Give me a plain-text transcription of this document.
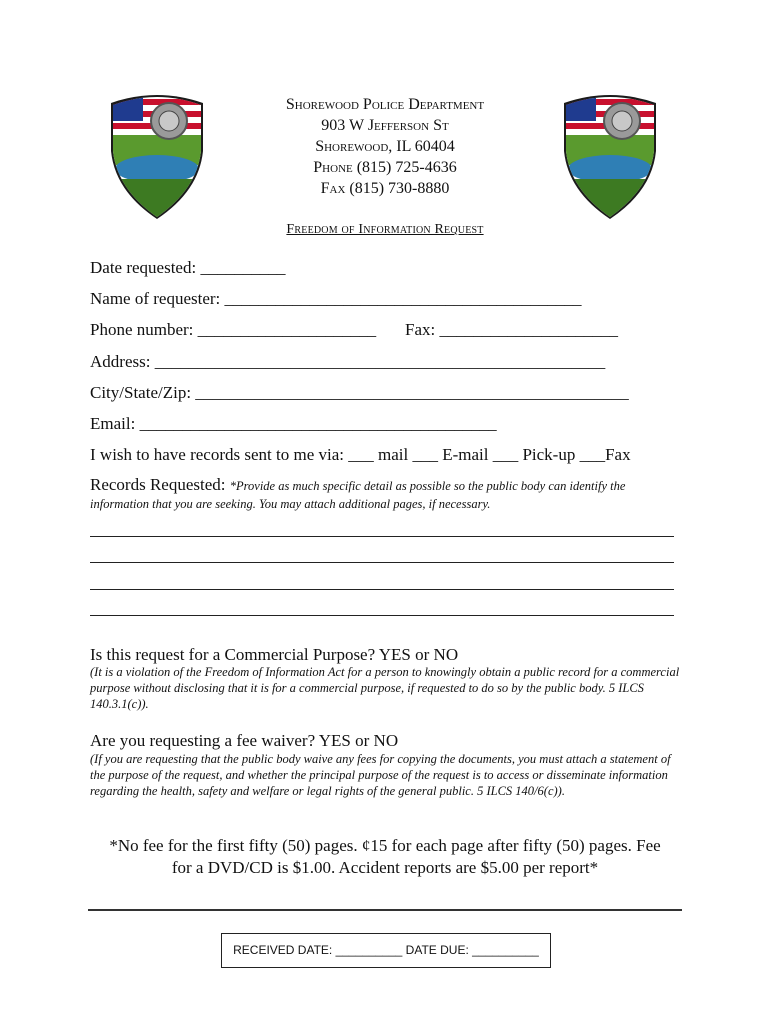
Shorewood Police Department
903 W Jefferson St
Shorewood, IL 60404
Phone (815) 725-4636
Fax (815) 730-8880
Freedom of Information Request
Date requested: __________
Name of requester: __________________________________________
Phone number: _____________________ Fax: _____________________
Address: _____________________________________________________
City/State/Zip: ___________________________________________________
Email: __________________________________________
I wish to have records sent to me via: ___ mail ___ E-mail ___ Pick-up ___Fax
Records Requested: *Provide as much specific detail as possible so the public body can identify the
information that you are seeking. You may attach additional pages, if necessary.
Is this request for a Commercial Purpose? YES or NO
(It is a violation of the Freedom of Information Act for a person to knowingly obtain a public record for a commercial purpose without disclosing that it is for a commercial purpose, if requested to do so by the public body. 5 ILCS 140.3.1(c)).
Are you requesting a fee waiver? YES or NO
(If you are requesting that the public body waive any fees for copying the documents, you must attach a statement of the purpose of the request, and whether the principal purpose of the request is to access or disseminate information regarding the health, safety and welfare or legal rights of the general public. 5 ILCS 140/6(c)).
*No fee for the first fifty (50) pages. ¢15 for each page after fifty (50) pages. Fee
for a DVD/CD is $1.00. Accident reports are $5.00 per report*
RECEIVED DATE: __________ DATE DUE: __________
